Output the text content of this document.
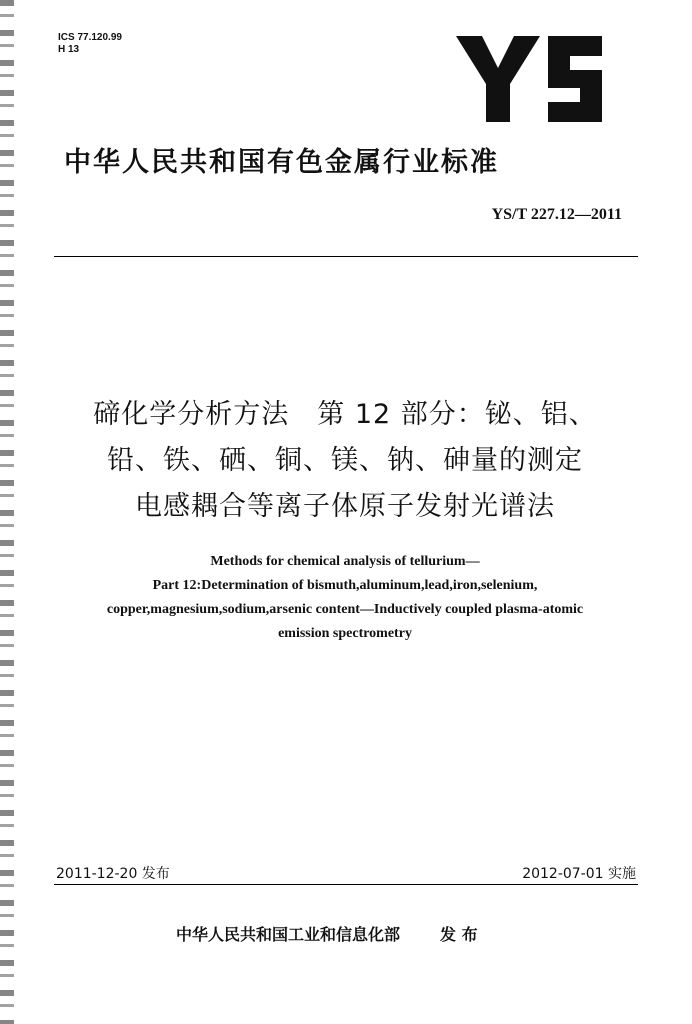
ICS 77.120.99
H 13
中华人民共和国有色金属行业标准
YS/T 227.12—2011
碲化学分析方法　第 12 部分：铋、铝、
铅、铁、硒、铜、镁、钠、砷量的测定
电感耦合等离子体原子发射光谱法
Methods for chemical analysis of tellurium—
Part 12:Determination of bismuth,aluminum,lead,iron,selenium,
copper,magnesium,sodium,arsenic content—Inductively coupled plasma-atomic
emission spectrometry
2011-12-20 发布	2012-07-01 实施
中华人民共和国工业和信息化部	发 布
